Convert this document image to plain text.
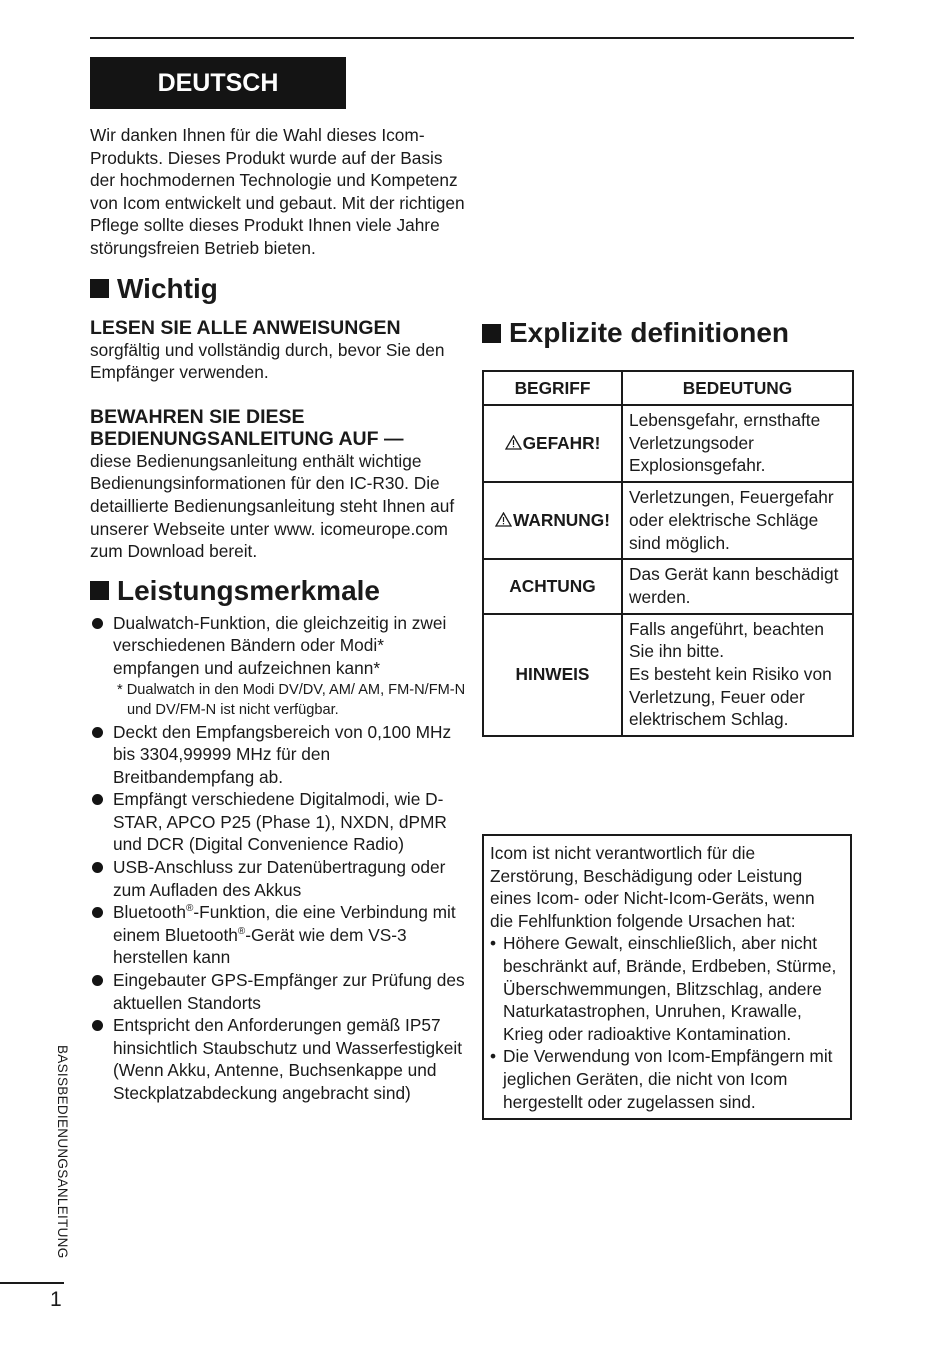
DEUTSCH

Wir danken Ihnen für die Wahl dieses Icom-Produkts. Dieses Produkt wurde auf der Basis der hochmodernen Technologie und Kompetenz von Icom entwickelt und gebaut. Mit der richtigen Pflege sollte dieses Produkt Ihnen viele Jahre störungsfreien Betrieb bieten.

Wichtig
LESEN SIE ALLE ANWEISUNGEN

sorgfältig und vollständig durch, bevor Sie den Empfänger verwenden.

BEWAHREN SIE DIESE BEDIENUNGSANLEITUNG AUF —

diese Bedienungsanleitung enthält wichtige Bedienungsinformationen für den IC-R30. Die detaillierte Bedienungsanleitung steht Ihnen auf unserer Webseite unter www. icomeurope.com zum Download bereit.

Leistungsmerkmale
Dualwatch-Funktion, die gleichzeitig in zwei verschiedenen Bändern oder Modi* empfangen und aufzeichnen kann*

* Dualwatch in den Modi DV/DV, AM/ AM, FM-N/FM-N und DV/FM-N ist nicht verfügbar.

Deckt den Empfangsbereich von 0,100 MHz bis 3304,99999 MHz für den Breitbandempfang ab.
Empfängt verschiedene Digitalmodi, wie D-STAR, APCO P25 (Phase 1), NXDN, dPMR und DCR (Digital Convenience Radio)
USB-Anschluss zur Datenübertragung oder zum Aufladen des Akkus
Bluetooth®-Funktion, die eine Verbindung mit einem Bluetooth®-Gerät wie dem VS-3 herstellen kann
Eingebauter GPS-Empfänger zur Prüfung des aktuellen Standorts
Entspricht den Anforderungen gemäß IP57 hinsichtlich Staubschutz und Wasserfestigkeit (Wenn Akku, Antenne, Buchsenkappe und Steckplatzabdeckung angebracht sind)
Explizite definitionen
BEGRIFF	BEDEUTUNG
GEFAHR!	Lebensgefahr, ernsthafte Verletzungsoder Explosionsgefahr.
WARNUNG!	Verletzungen, Feuergefahr oder elektrische Schläge sind möglich.
ACHTUNG	Das Gerät kann beschädigt werden.
HINWEIS	Falls angeführt, beachten Sie ihn bitte.
Es besteht kein Risiko von Verletzung, Feuer oder elektrischem Schlag.

Icom ist nicht verantwortlich für die Zerstörung, Beschädigung oder Leistung eines Icom- oder Nicht-Icom-Geräts, wenn die Fehlfunktion folgende Ursachen hat:

• Höhere Gewalt, einschließlich, aber nicht beschränkt auf, Brände, Erdbeben, Stürme, Überschwemmungen, Blitzschlag, andere Naturkatastrophen, Unruhen, Krawalle, Krieg oder radioaktive Kontamination.
• Die Verwendung von Icom-Empfängern mit jeglichen Geräten, die nicht von Icom hergestellt oder zugelassen sind.
BASISBEDIENUNGSANLEITUNG
1
